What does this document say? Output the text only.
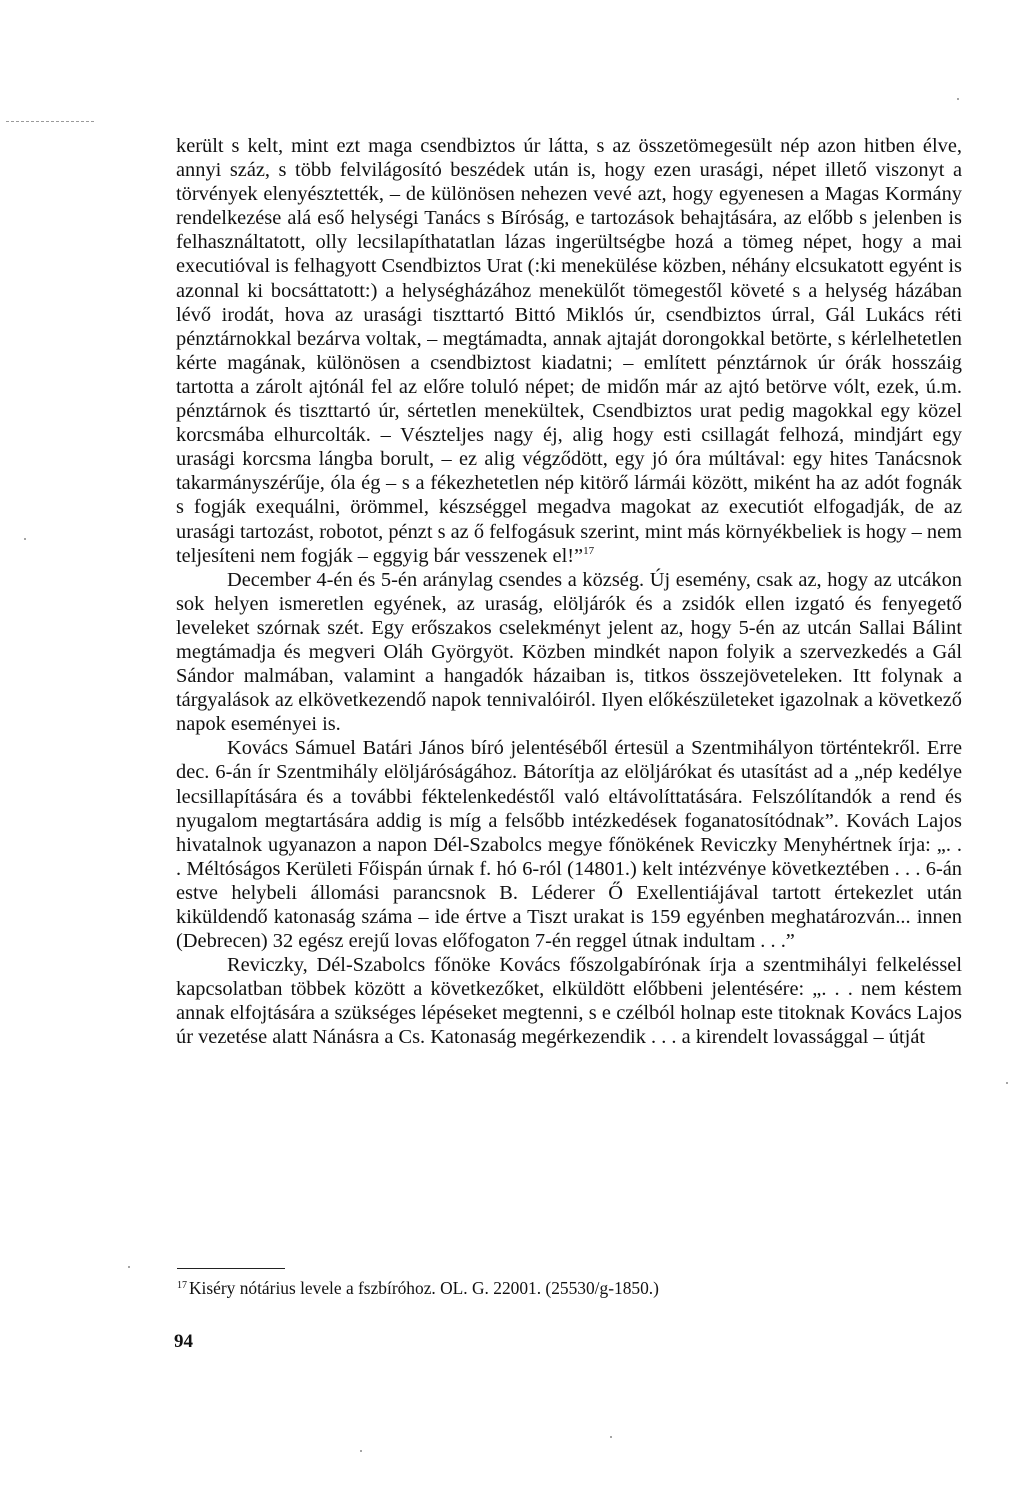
került s kelt, mint ezt maga csendbiztos úr látta, s az összetömegesült nép azon hitben élve, annyi száz, s több felvilágosító beszédek után is, hogy ezen urasági, népet illető viszonyt a törvények elenyésztették, – de különösen nehezen vevé azt, hogy egyenesen a Magas Kormány rendelkezése alá eső helységi Tanács s Bíróság, e tartozások behajtására, az előbb s jelenben is felhasználtatott, olly lecsilapíthatatlan lázas ingerültségbe hozá a tömeg népet, hogy a mai executióval is felhagyott Csendbiztos Urat (:ki menekülése közben, néhány elcsukatott egyént is azonnal ki bocsáttatott:) a helységházához menekülőt tömegestől követé s a helység házában lévő irodát, hova az urasági tiszttartó Bittó Miklós úr, csendbiztos úrral, Gál Lukács réti pénztárnokkal bezárva voltak, – megtámadta, annak ajtaját dorongokkal betörte, s kérlelhetetlen kérte magának, különösen a csendbiztost kiadatni; – említett pénztárnok úr órák hosszáig tartotta a zárolt ajtónál fel az előre toluló népet; de midőn már az ajtó betörve vólt, ezek, ú.m. pénztárnok és tiszttartó úr, sértetlen menekültek, Csendbiztos urat pedig magokkal egy közel korcsmába elhurcolták. – Vészteljes nagy éj, alig hogy esti csillagát felhozá, mindjárt egy urasági korcsma lángba borult, – ez alig végződött, egy jó óra múltával: egy hites Tanácsnok takarmányszérűje, óla ég – s a fékezhetetlen nép kitörő lármái között, miként ha az adót fognák s fogják exequálni, örömmel, készséggel megadva magokat az executiót elfogadják, de az urasági tartozást, robotot, pénzt s az ő felfogásuk szerint, mint más környékbeliek is hogy – nem teljesíteni nem fogják – eggyig bár vesszenek el!”$^{17}$

December 4-én és 5-én aránylag csendes a község. Új esemény, csak az, hogy az utcákon sok helyen ismeretlen egyének, az uraság, elöljárók és a zsidók ellen izgató és fenyegető leveleket szórnak szét. Egy erőszakos cselekményt jelent az, hogy 5-én az utcán Sallai Bálint megtámadja és megveri Oláh Györgyöt. Közben mindkét napon folyik a szervezkedés a Gál Sándor malmában, valamint a hangadók házaiban is, titkos összejöveteleken. Itt folynak a tárgyalások az elkövetkezendő napok tennivalóiról. Ilyen előkészületeket igazolnak a következő napok eseményei is.

Kovács Sámuel Batári János bíró jelentéséből értesül a Szentmihályon történtekről. Erre dec. 6-án ír Szentmihály elöljáróságához. Bátorítja az elöljárókat és utasítást ad a „nép kedélye lecsillapítására és a további féktelenkedéstől való eltávolíttatására. Felszólítandók a rend és nyugalom megtartására addig is míg a felsőbb intézkedések foganatosítódnak”. Kovách Lajos hivatalnok ugyanazon a napon Dél-Szabolcs megye főnökének Reviczky Menyhértnek írja: „. . . Méltóságos Kerületi Főispán úrnak f. hó 6-ról (14801.) kelt intézvénye következtében . . . 6-án estve helybeli állomási parancsnok B. Léderer Ő Exellentiájával tartott értekezlet után kiküldendő katonaság száma – ide értve a Tiszt urakat is 159 egyénben meghatározván... innen (Debrecen) 32 egész erejű lovas előfogaton 7-én reggel útnak indultam . . .”

Reviczky, Dél-Szabolcs főnöke Kovács főszolgabírónak írja a szentmihályi felkeléssel kapcsolatban többek között a következőket, elküldött előbbeni jelentésére: „. . . nem késtem annak elfojtására a szükséges lépéseket megtenni, s e czélból holnap este titoknak Kovács Lajos úr vezetése alatt Nánásra a Cs. Katonaság megérkezendik . . . a kirendelt lovassággal – útját

$^{17}$ Kiséry nótárius levele a fszbíróhoz. OL. G. 22001. (25530/g-1850.)
94
